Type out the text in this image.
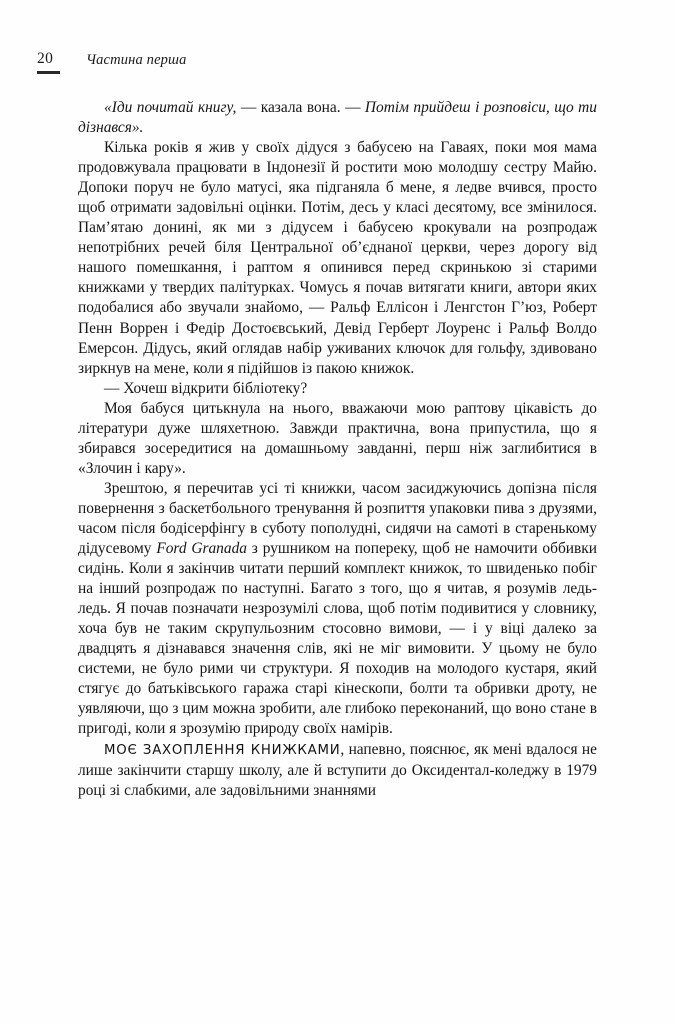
20 Частина перша

«Іди почитай книгу, — казала вона. — Потім прийдеш і розповіси, що ти дізнався».

Кілька років я жив у своїх дідуся з бабусею на Гаваях, поки моя мама продовжувала працювати в Індонезії й ростити мою молодшу сестру Майю. Допоки поруч не було матусі, яка підганяла б мене, я ледве вчився, просто щоб отримати задовільні оцінки. Потім, десь у класі десятому, все змінилося. Пам’ятаю донині, як ми з дідусем і бабусею крокували на розпродаж непотрібних речей біля Центральної об’єднаної церкви, через дорогу від нашого помешкання, і раптом я опинився перед скринькою зі старими книжками у твердих палітурках. Чомусь я почав витягати книги, автори яких подобалися або звучали знайомо, — Ральф Еллісон і Ленгстон Г’юз, Роберт Пенн Воррен і Федір Достоєвський, Девід Герберт Лоуренс і Ральф Волдо Емерсон. Дідусь, який оглядав набір уживаних ключок для гольфу, здивовано зиркнув на мене, коли я підійшов із пакою книжок.

— Хочеш відкрити бібліотеку?

Моя бабуся цитькнула на нього, вважаючи мою раптову цікавість до літератури дуже шляхетною. Завжди практична, вона припустила, що я збирався зосередитися на домашньому завданні, перш ніж заглибитися в «Злочин і кару».

Зрештою, я перечитав усі ті книжки, часом засиджуючись допізна після повернення з баскетбольного тренування й розпиття упаковки пива з друзями, часом після бодісерфінгу в суботу пополудні, сидячи на самоті в старенькому дідусевому Ford Granada з рушником на попереку, щоб не намочити оббивки сидінь. Коли я закінчив читати перший комплект книжок, то швиденько побіг на інший розпродаж по наступні. Багато з того, що я читав, я розумів ледь-ледь. Я почав позначати незрозумілі слова, щоб потім подивитися у словнику, хоча був не таким скрупульозним стосовно вимови, — і у віці далеко за двадцять я дізнавався значення слів, які не міг вимовити. У цьому не було системи, не було рими чи структури. Я походив на молодого кустаря, який стягує до батьківського гаража старі кінескопи, болти та обривки дроту, не уявляючи, що з цим можна зробити, але глибоко переконаний, що воно стане в пригоді, коли я зрозумію природу своїх намірів.

МОЄ ЗАХОПЛЕННЯ КНИЖКАМИ, напевно, пояснює, як мені вдалося не лише закінчити старшу школу, але й вступити до Оксидентал-коледжу в 1979 році зі слабкими, але задовільними знаннями
